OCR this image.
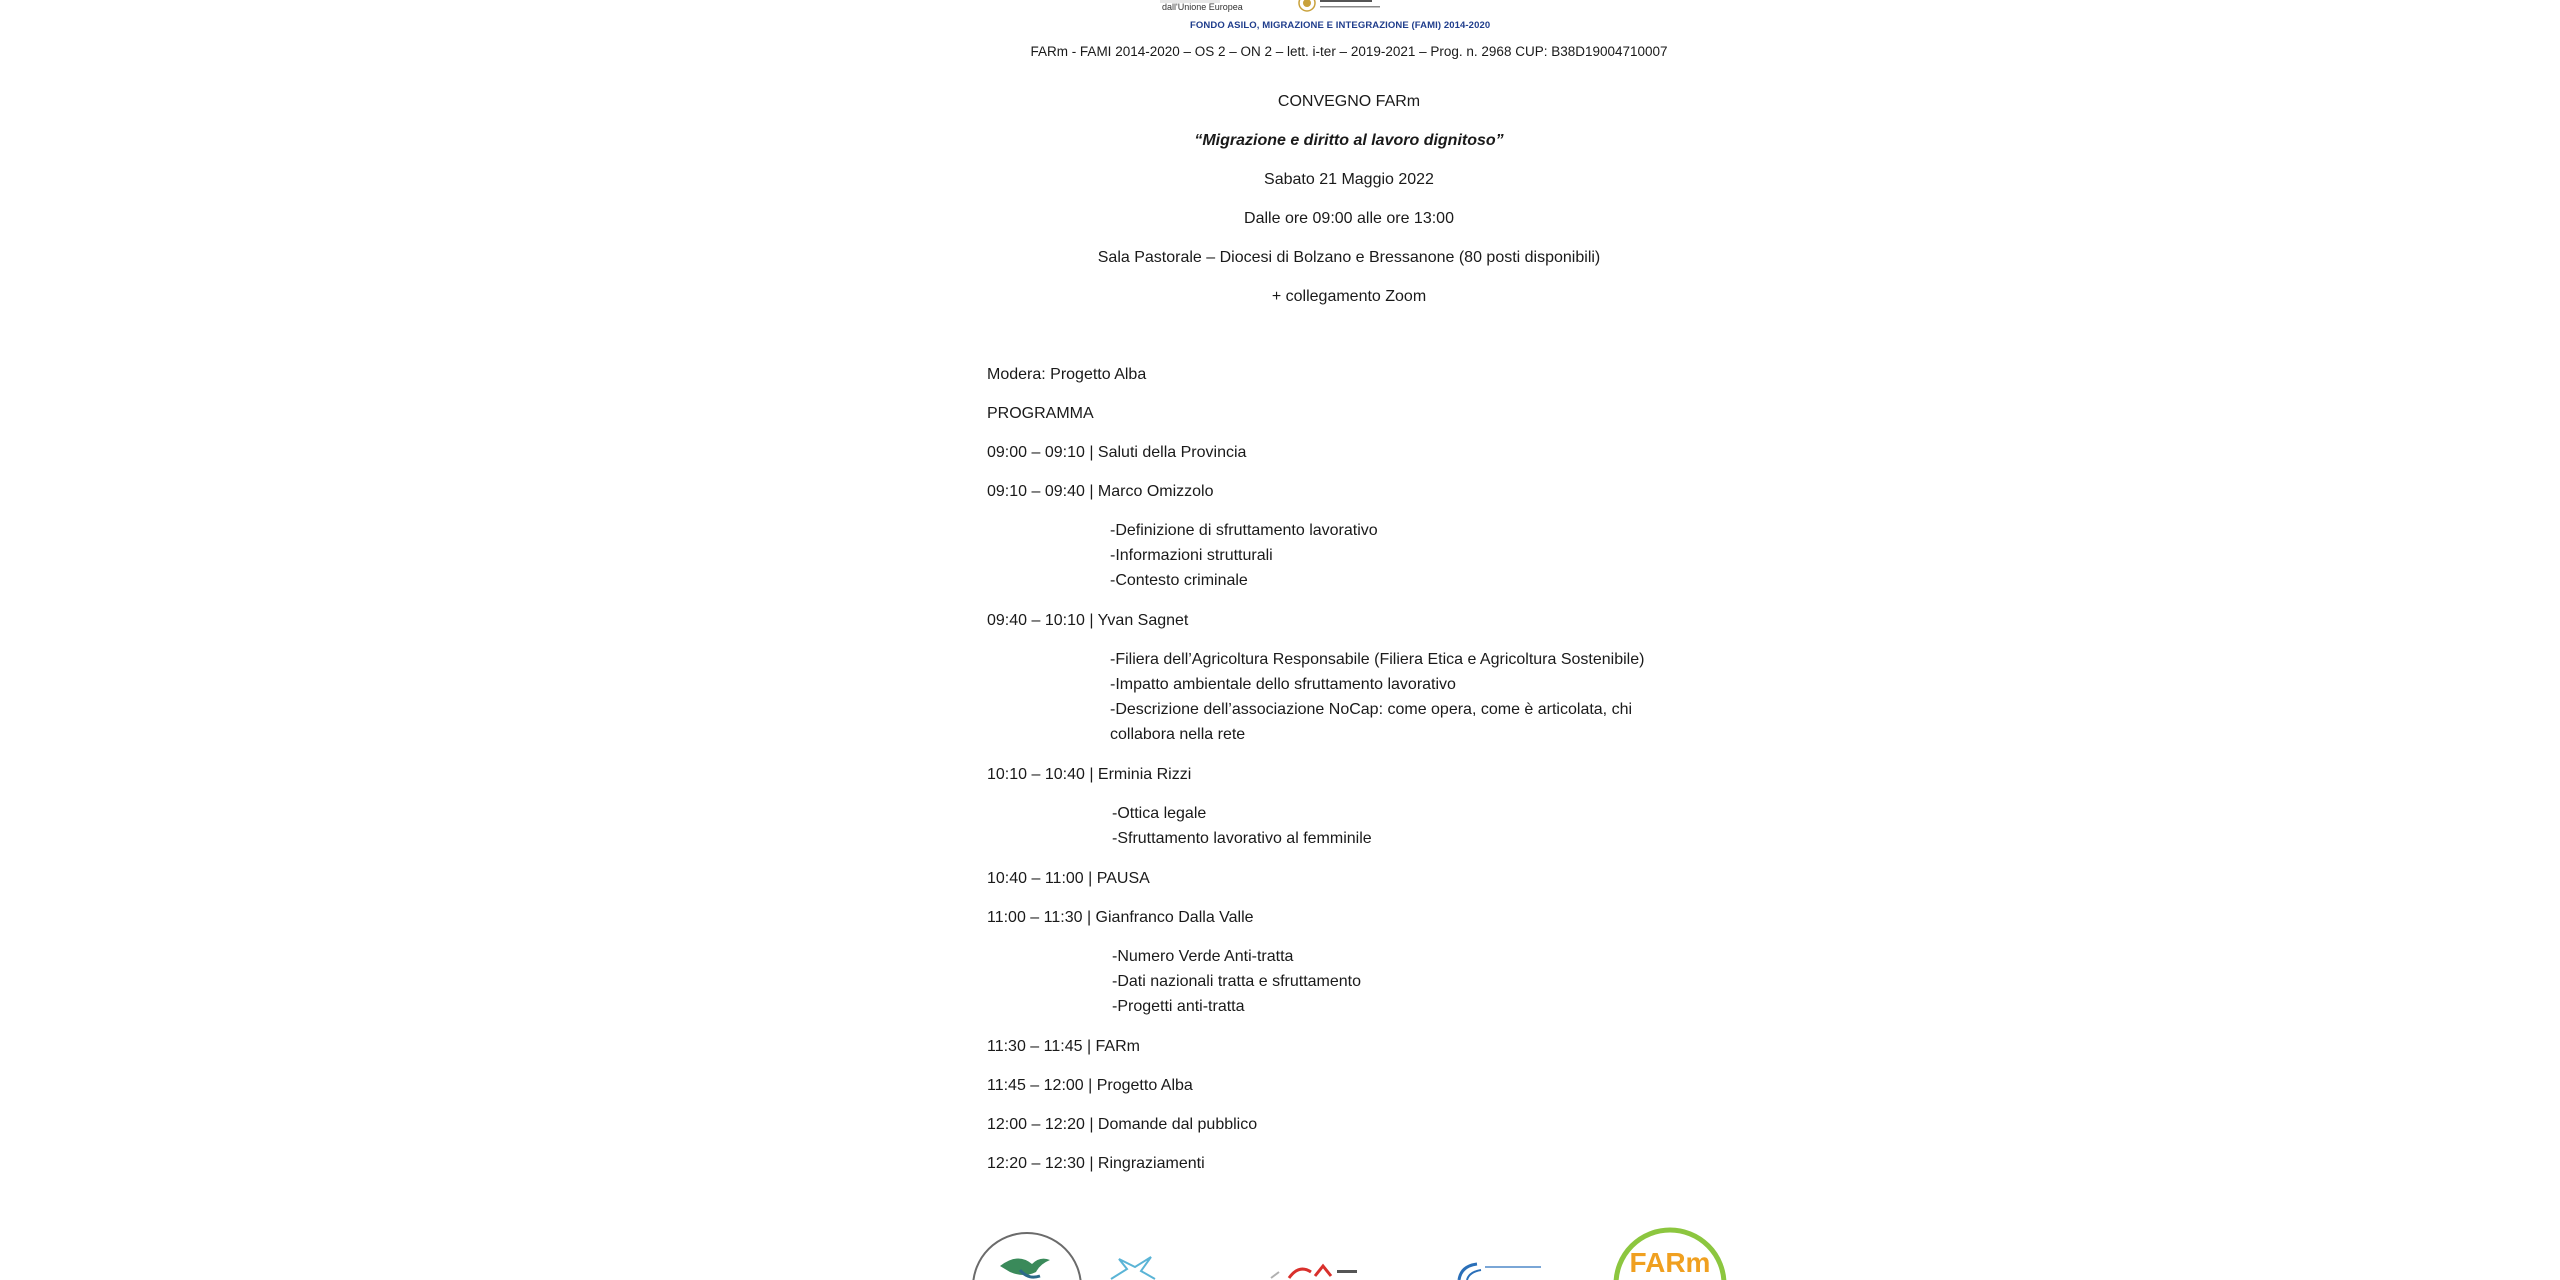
dall'Unione Europea
FONDO ASILO, MIGRAZIONE E INTEGRAZIONE (FAMI) 2014-2020
FARm - FAMI 2014-2020 – OS 2 – ON 2 – lett. i-ter – 2019-2021 – Prog. n. 2968 CUP: B38D19004710007
CONVEGNO FARm
“Migrazione e diritto al lavoro dignitoso”
Sabato 21 Maggio 2022
Dalle ore 09:00 alle ore 13:00
Sala Pastorale – Diocesi di Bolzano e Bressanone (80 posti disponibili)
+ collegamento Zoom
Modera: Progetto Alba
PROGRAMMA
09:00 – 09:10 | Saluti della Provincia
09:10 – 09:40 | Marco Omizzolo
-Definizione di sfruttamento lavorativo
-Informazioni strutturali
-Contesto criminale
09:40 – 10:10 | Yvan Sagnet
-Filiera dell’Agricoltura Responsabile (Filiera Etica e Agricoltura Sostenibile)
-Impatto ambientale dello sfruttamento lavorativo
-Descrizione dell’associazione NoCap: come opera, come è articolata, chi
collabora nella rete
10:10 – 10:40 | Erminia Rizzi
-Ottica legale
-Sfruttamento lavorativo al femminile
10:40 – 11:00 | PAUSA
11:00 – 11:30 | Gianfranco Dalla Valle
-Numero Verde Anti-tratta
-Dati nazionali tratta e sfruttamento
-Progetti anti-tratta
11:30 – 11:45 | FARm
11:45 – 12:00 | Progetto Alba
12:00 – 12:20 | Domande dal pubblico
12:20 – 12:30 | Ringraziamenti
FARm
